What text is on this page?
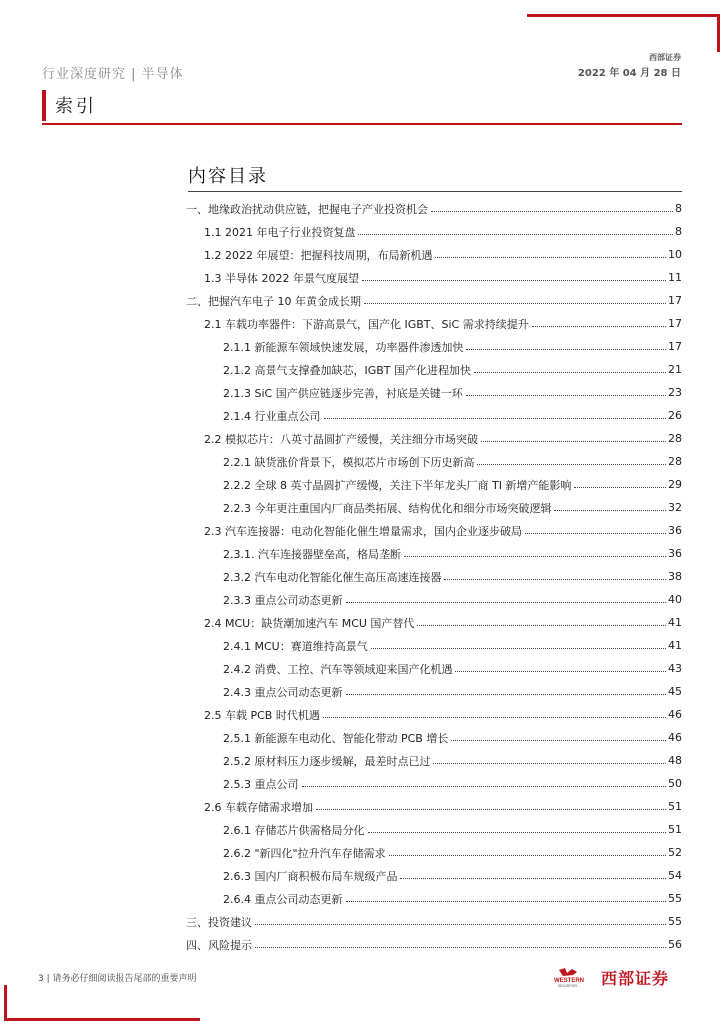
行业深度研究 | 半导体
西部证券
2022 年 04 月 28 日
索引
内容目录
一、地缘政治扰动供应链，把握电子产业投资机会	8
1.1 2021 年电子行业投资复盘	8
1.2 2022 年展望：把握科技周期，布局新机遇	10
1.3 半导体 2022 年景气度展望	11
二、把握汽车电子 10 年黄金成长期	17
2.1 车载功率器件：下游高景气，国产化 IGBT、SiC 需求持续提升	17
2.1.1 新能源车领域快速发展，功率器件渗透加快	17
2.1.2 高景气支撑叠加缺芯，IGBT 国产化进程加快	21
2.1.3 SiC 国产供应链逐步完善，衬底是关键一环	23
2.1.4 行业重点公司	26
2.2 模拟芯片：八英寸晶圆扩产缓慢，关注细分市场突破	28
2.2.1 缺货涨价背景下，模拟芯片市场创下历史新高	28
2.2.2 全球 8 英寸晶圆扩产缓慢，关注下半年龙头厂商 TI 新增产能影响	29
2.2.3 今年更注重国内厂商品类拓展、结构优化和细分市场突破逻辑	32
2.3 汽车连接器：电动化智能化催生增量需求，国内企业逐步破局	36
2.3.1. 汽车连接器壁垒高，格局垄断	36
2.3.2 汽车电动化智能化催生高压高速连接器	38
2.3.3 重点公司动态更新	40
2.4 MCU：缺货潮加速汽车 MCU 国产替代	41
2.4.1 MCU：赛道维持高景气	41
2.4.2 消费、工控、汽车等领域迎来国产化机遇	43
2.4.3 重点公司动态更新	45
2.5 车载 PCB 时代机遇	46
2.5.1 新能源车电动化、智能化带动 PCB 增长	46
2.5.2 原材料压力逐步缓解，最差时点已过	48
2.5.3 重点公司	50
2.6 车载存储需求增加	51
2.6.1 存储芯片供需格局分化	51
2.6.2 "新四化"拉升汽车存储需求	52
2.6.3 国内厂商积极布局车规级产品	54
2.6.4 重点公司动态更新	55
三、投资建议	55
四、风险提示	56
3 | 请务必仔细阅读报告尾部的重要声明	WESTERN
SECURITIES 西部证券
